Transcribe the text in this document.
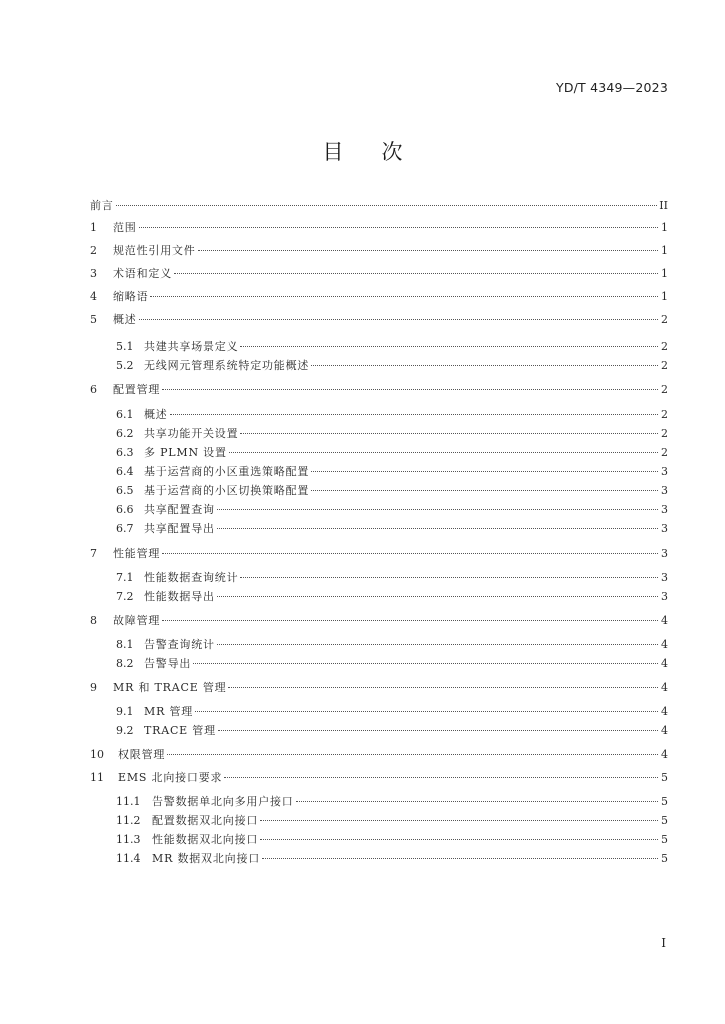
YD/T 4349—2023
目 次
前言	II
1	范围	1
2	规范性引用文件	1
3	术语和定义	1
4	缩略语	1
5	概述	2
5.1 共建共享场景定义	2
5.2 无线网元管理系统特定功能概述	2
6	配置管理	2
6.1 概述	2
6.2 共享功能开关设置	2
6.3 多 PLMN 设置	2
6.4 基于运营商的小区重选策略配置	3
6.5 基于运营商的小区切换策略配置	3
6.6 共享配置查询	3
6.7 共享配置导出	3
7	性能管理	3
7.1 性能数据查询统计	3
7.2 性能数据导出	3
8	故障管理	4
8.1 告警查询统计	4
8.2 告警导出	4
9	MR 和 TRACE 管理	4
9.1 MR 管理	4
9.2 TRACE 管理	4
10	权限管理	4
11	EMS 北向接口要求	5
11.1	告警数据单北向多用户接口	5
11.2	配置数据双北向接口	5
11.3	性能数据双北向接口	5
11.4	MR 数据双北向接口	5
I
